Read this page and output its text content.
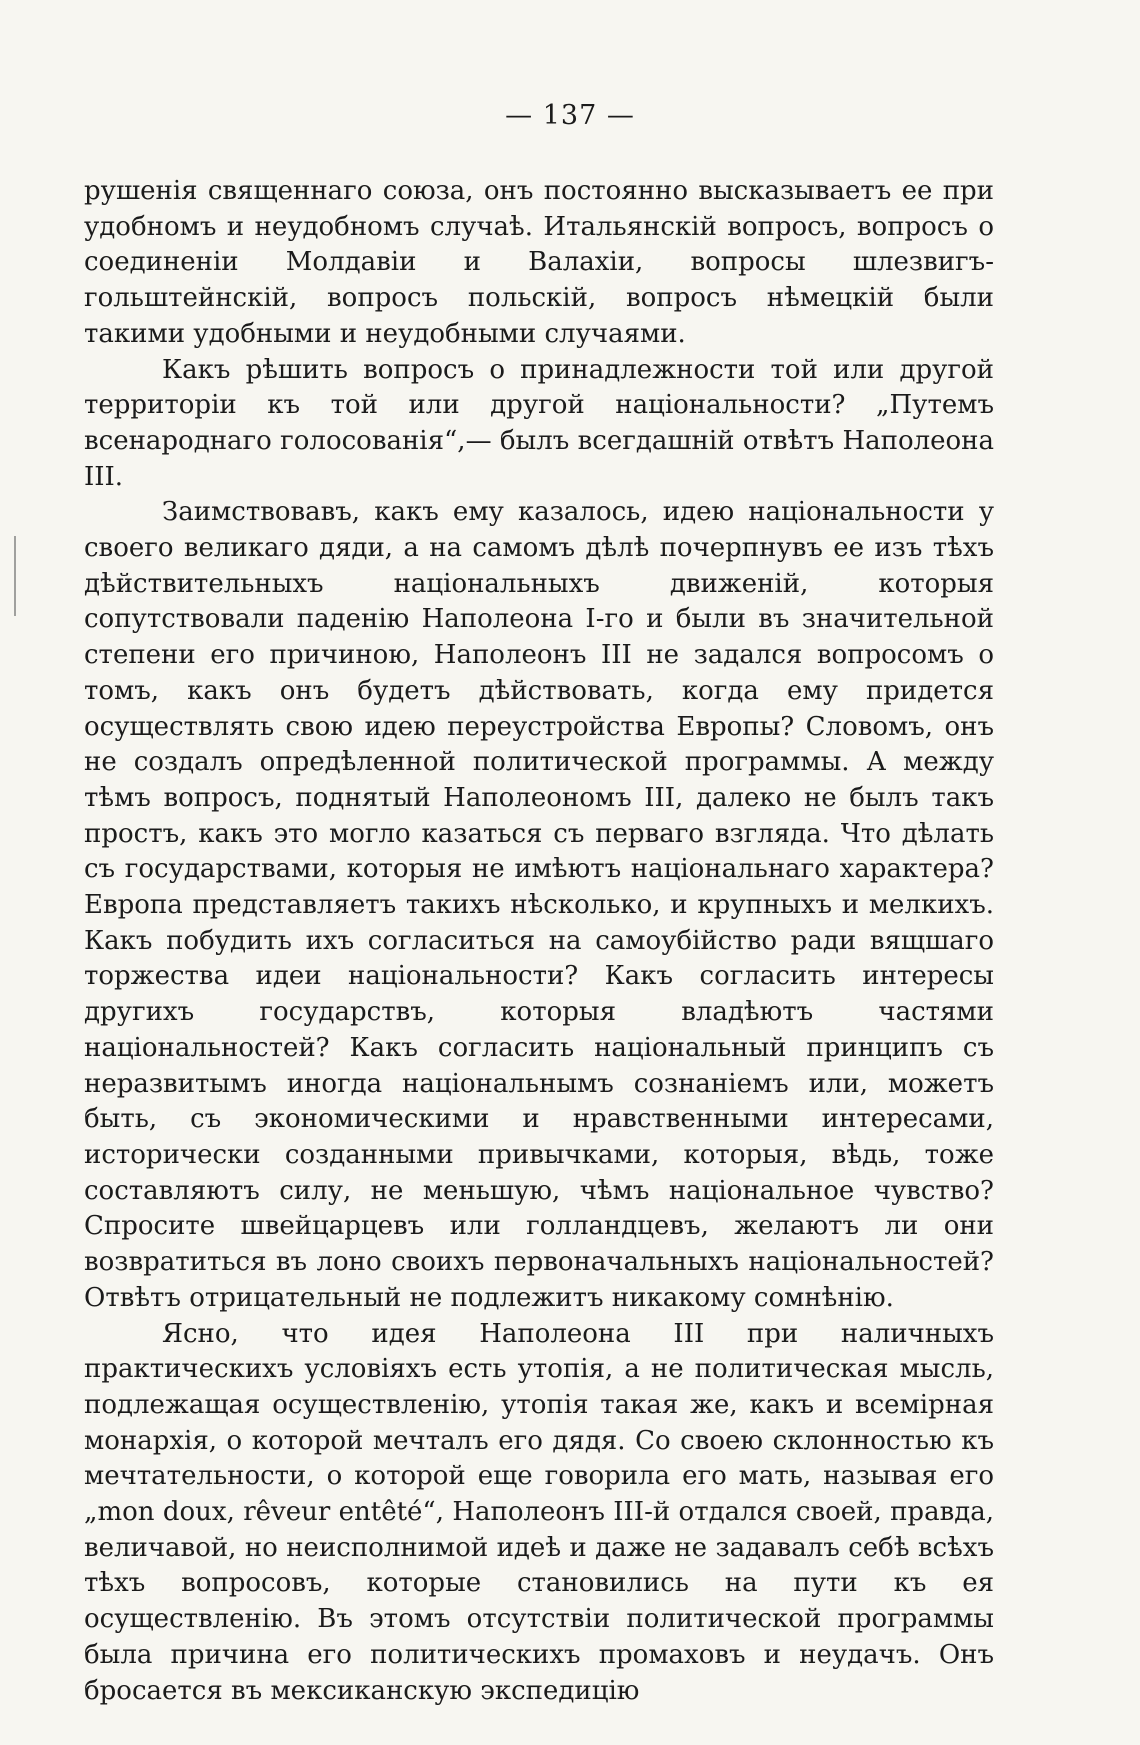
— 137 —

рушенія священнаго союза, онъ постоянно высказываетъ ее при удобномъ и неудобномъ случаѣ. Итальянскій вопросъ, вопросъ о соединеніи Молдавіи и Валахіи, вопросы шлезвигъ-гольштейнскій, вопросъ польскій, вопросъ нѣмецкій были такими удобными и неудобными случаями.

Какъ рѣшить вопросъ о принадлежности той или другой территоріи къ той или другой національности? „Путемъ всенароднаго голосованія“,— былъ всегдашній отвѣтъ Наполеона III.

Заимствовавъ, какъ ему казалось, идею національности у своего великаго дяди, а на самомъ дѣлѣ почерпнувъ ее изъ тѣхъ дѣйствительныхъ національныхъ движеній, которыя сопутствовали паденію Наполеона І-го и были въ значительной степени его причиною, Наполеонъ III не задался вопросомъ о томъ, какъ онъ будетъ дѣйствовать, когда ему придется осуществлять свою идею переустройства Европы? Словомъ, онъ не создалъ опредѣленной политической программы. А между тѣмъ вопросъ, поднятый Наполеономъ III, далеко не былъ такъ простъ, какъ это могло казаться съ перваго взгляда. Что дѣлать съ государствами, которыя не имѣютъ національнаго характера? Европа представляетъ такихъ нѣсколько, и крупныхъ и мелкихъ. Какъ побудить ихъ согласиться на самоубійство ради вящшаго торжества идеи національности? Какъ согласить интересы другихъ государствъ, которыя владѣютъ частями національностей? Какъ согласить національный принципъ съ неразвитымъ иногда національнымъ сознаніемъ или, можетъ быть, съ экономическими и нравственными интересами, исторически созданными привычками, которыя, вѣдь, тоже составляютъ силу, не меньшую, чѣмъ національное чувство? Спросите швейцарцевъ или голландцевъ, желаютъ ли они возвратиться въ лоно своихъ первоначальныхъ національностей? Отвѣтъ отрицательный не подлежитъ никакому сомнѣнію.

Ясно, что идея Наполеона III при наличныхъ практическихъ условіяхъ есть утопія, а не политическая мысль, подлежащая осуществленію, утопія такая же, какъ и всемірная монархія, о которой мечталъ его дядя. Со своею склонностью къ мечтательности, о которой еще говорила его мать, называя его „mon doux, rêveur entêté“, Наполеонъ III-й отдался своей, правда, величавой, но неисполнимой идеѣ и даже не задавалъ себѣ всѣхъ тѣхъ вопросовъ, которые становились на пути къ ея осуществленію. Въ этомъ отсутствіи политической программы была причина его политическихъ промаховъ и неудачъ. Онъ бросается въ мексиканскую экспедицію
